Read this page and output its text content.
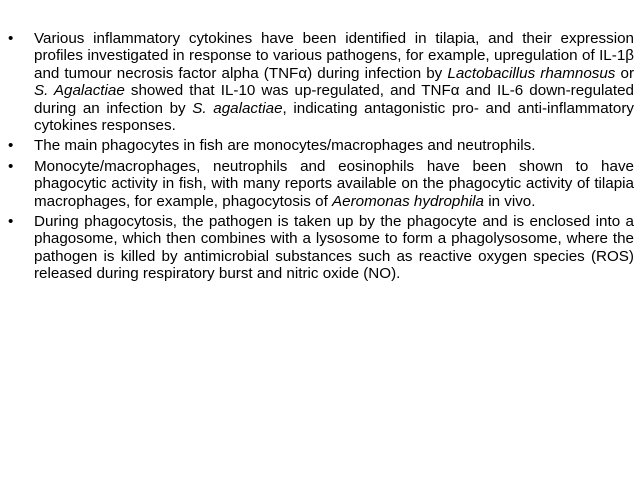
•	Various inflammatory cytokines have been identified in tilapia, and their expression profiles investigated in response to various pathogens, for example, upregulation of IL-1β and tumour necrosis factor alpha (TNFα) during infection by Lactobacillus rhamnosus or S. Agalactiae showed that IL-10 was up-regulated, and TNFα and IL-6 down-regulated during an infection by S. agalactiae, indicating antagonistic pro- and anti-inflammatory cytokines responses.
•	The main phagocytes in fish are monocytes/macrophages and neutrophils.
•	Monocyte/macrophages, neutrophils and eosinophils have been shown to have phagocytic activity in fish, with many reports available on the phagocytic activity of tilapia macrophages, for example, phagocytosis of Aeromonas hydrophila in vivo.
•	During phagocytosis, the pathogen is taken up by the phagocyte and is enclosed into a phagosome, which then combines with a lysosome to form a phagolysosome, where the pathogen is killed by antimicrobial substances such as reactive oxygen species (ROS) released during respiratory burst and nitric oxide (NO).
